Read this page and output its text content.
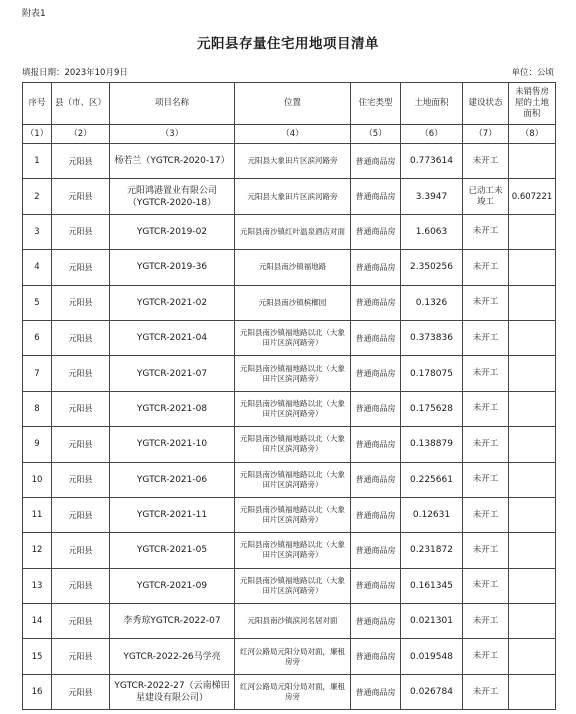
附表1
元阳县存量住宅用地项目清单
填报日期：2023年10月9日	单位：公顷
序号	县（市、区）	项目名称	位置	住宅类型	土地面积	建设状态	未销售房屋的土地面积
（1）	（2）	（3）	（4）	（5）	（6）	（7）	（8）
1	元阳县	杨若兰（YGTCR-2020-17）	元阳县大象田片区滨河路旁	普通商品房	0.773614	未开工	
2	元阳县	元阳鸿港置业有限公司（YGTCR-2020-18）	元阳县大象田片区滨河路旁	普通商品房	3.3947	已动工未竣工	0.607221
3	元阳县	YGTCR-2019-02	元阳县南沙镇红叶温泉酒店对面	普通商品房	1.6063	未开工	
4	元阳县	YGTCR-2019-36	元阳县南沙镇福地路	普通商品房	2.350256	未开工	
5	元阳县	YGTCR-2021-02	元阳县南沙镇槟榔园	普通商品房	0.1326	未开工	
6	元阳县	YGTCR-2021-04	元阳县南沙镇福地路以北（大象田片区滨河路旁）	普通商品房	0.373836	未开工	
7	元阳县	YGTCR-2021-07	元阳县南沙镇福地路以北（大象田片区滨河路旁）	普通商品房	0.178075	未开工	
8	元阳县	YGTCR-2021-08	元阳县南沙镇福地路以北（大象田片区滨河路旁）	普通商品房	0.175628	未开工	
9	元阳县	YGTCR-2021-10	元阳县南沙镇福地路以北（大象田片区滨河路旁）	普通商品房	0.138879	未开工	
10	元阳县	YGTCR-2021-06	元阳县南沙镇福地路以北（大象田片区滨河路旁）	普通商品房	0.225661	未开工	
11	元阳县	YGTCR-2021-11	元阳县南沙镇福地路以北（大象田片区滨河路旁）	普通商品房	0.12631	未开工	
12	元阳县	YGTCR-2021-05	元阳县南沙镇福地路以北（大象田片区滨河路旁）	普通商品房	0.231872	未开工	
13	元阳县	YGTCR-2021-09	元阳县南沙镇福地路以北（大象田片区滨河路旁）	普通商品房	0.161345	未开工	
14	元阳县	李秀琼YGTCR-2022-07	元阳县南沙镇滨河名居对面	普通商品房	0.021301	未开工	
15	元阳县	YGTCR-2022-26马学亮	红河公路局元阳分局对面，廉租房旁	普通商品房	0.019548	未开工	
16	元阳县	YGTCR-2022-27（云南梯田星建设有限公司）	红河公路局元阳分局对面，廉租房旁	普通商品房	0.026784	未开工	
